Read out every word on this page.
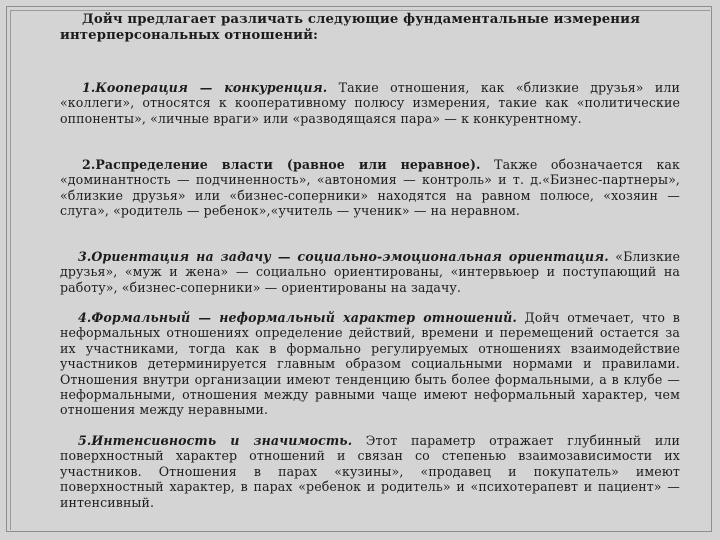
Дойч предлагает различать следующие фундаментальные измерения интерперсональных отношений:

1.Кооперация — конкуренция. Такие отношения, как «близкие друзья» или «коллеги», относятся к кооперативному полюсу измерения, такие как «политические оппоненты», «личные враги» или «разводящаяся пара» — к конкурентному.

2.Распределение власти (равное или неравное). Также обозначается как «доминантность — подчиненность», «автономия — контроль» и т. д.«Бизнес-партнеры», «близкие друзья» или «бизнес-соперники» находятся на равном полюсе, «хозяин — слуга», «родитель — ребенок»,«учитель — ученик» — на неравном.

3.Ориентация на задачу — социально-эмоциональная ориентация. «Близкие друзья», «муж и жена» — социально ориентированы, «интервьюер и поступающий на работу», «бизнес-соперники» — ориентированы на задачу.

4.Формальный — неформальный характер отношений. Дойч отмечает, что в неформальных отношениях определение действий, времени и перемещений остается за их участниками, тогда как в формально регулируемых отношениях взаимодействие участников детерминируется главным образом социальными нормами и правилами. Отношения внутри организации имеют тенденцию быть более формальными, а в клубе — неформальными, отношения между равными чаще имеют неформальный характер, чем отношения между неравными.

5.Интенсивность и значимость. Этот параметр отражает глубинный или поверхностный характер отношений и связан со степенью взаимозависимости их участников. Отношения в парах «кузины», «продавец и покупатель» имеют поверхностный характер, в парах «ребенок и родитель» и «психотерапевт и пациент» — интенсивный.
